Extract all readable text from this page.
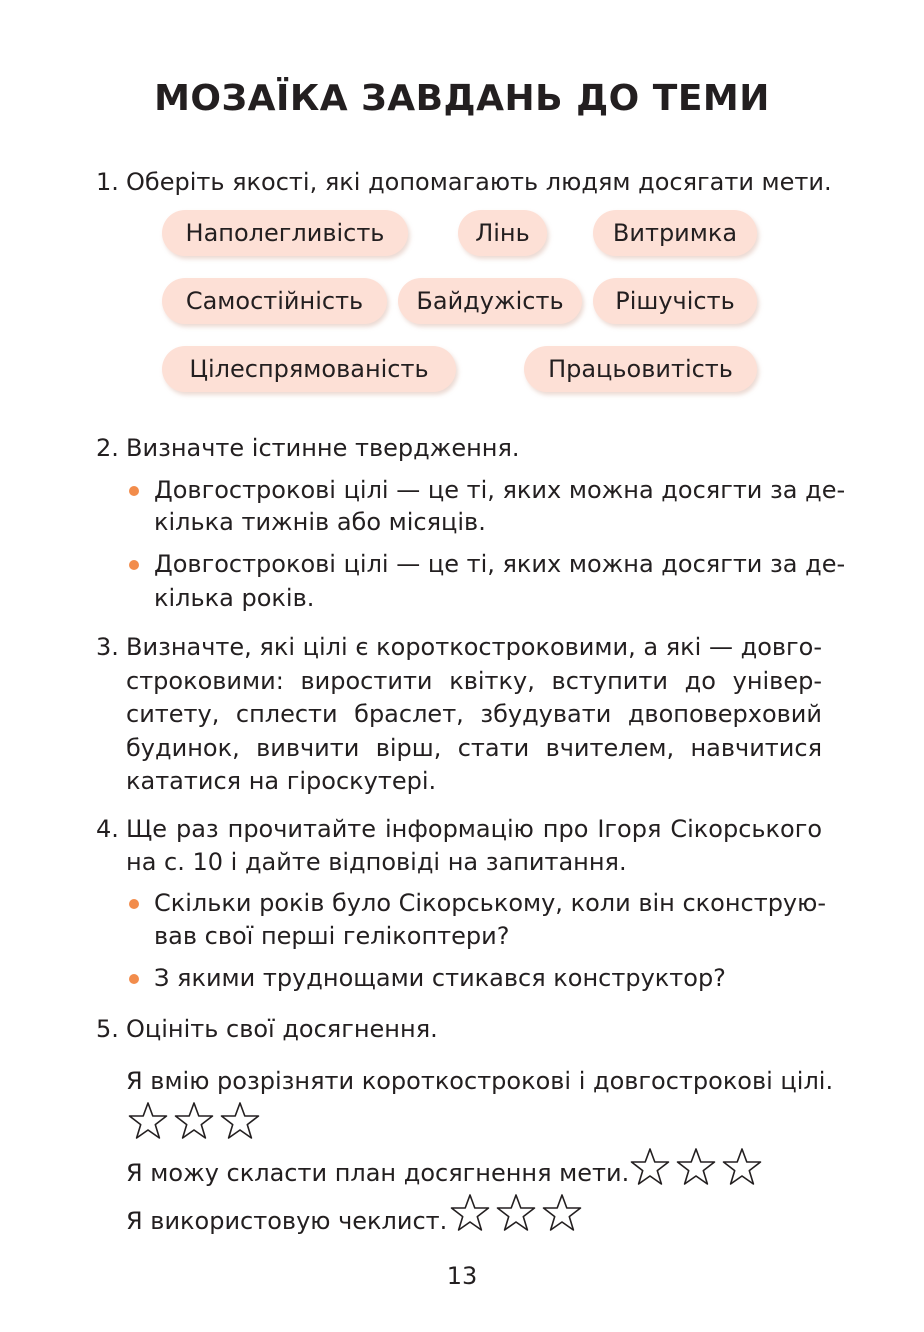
МОЗАЇКА ЗАВДАНЬ ДО ТЕМИ
1. Оберіть якості, які допомагають людям досягати мети.
Наполегливість	Лінь	Витримка
Самостійність	Байдужість	Рішучість
Цілеспрямованість	Працьовитість
2. Визначте істинне твердження.
Довгострокові цілі — це ті, яких можна досягти за де-
кілька тижнів або місяців.
Довгострокові цілі — це ті, яких можна досягти за де-
кілька років.
3. Визначте, які цілі є короткостроковими, а які — довго-
строковими: виростити квітку, вступити до універ-
ситету, сплести браслет, збудувати двоповерховий
будинок, вивчити вірш, стати вчителем, навчитися
кататися на гіроскутері.
4. Ще раз прочитайте інформацію про Ігоря Сікорського
на с. 10 і дайте відповіді на запитання.
Скільки років було Сікорському, коли він сконструю-
вав свої перші гелікоптери?
З якими труднощами стикався конструктор?
5. Оцініть свої досягнення.
Я вмію розрізняти короткострокові і довгострокові цілі.
Я можу скласти план досягнення мети.
Я використовую чеклист.
13
